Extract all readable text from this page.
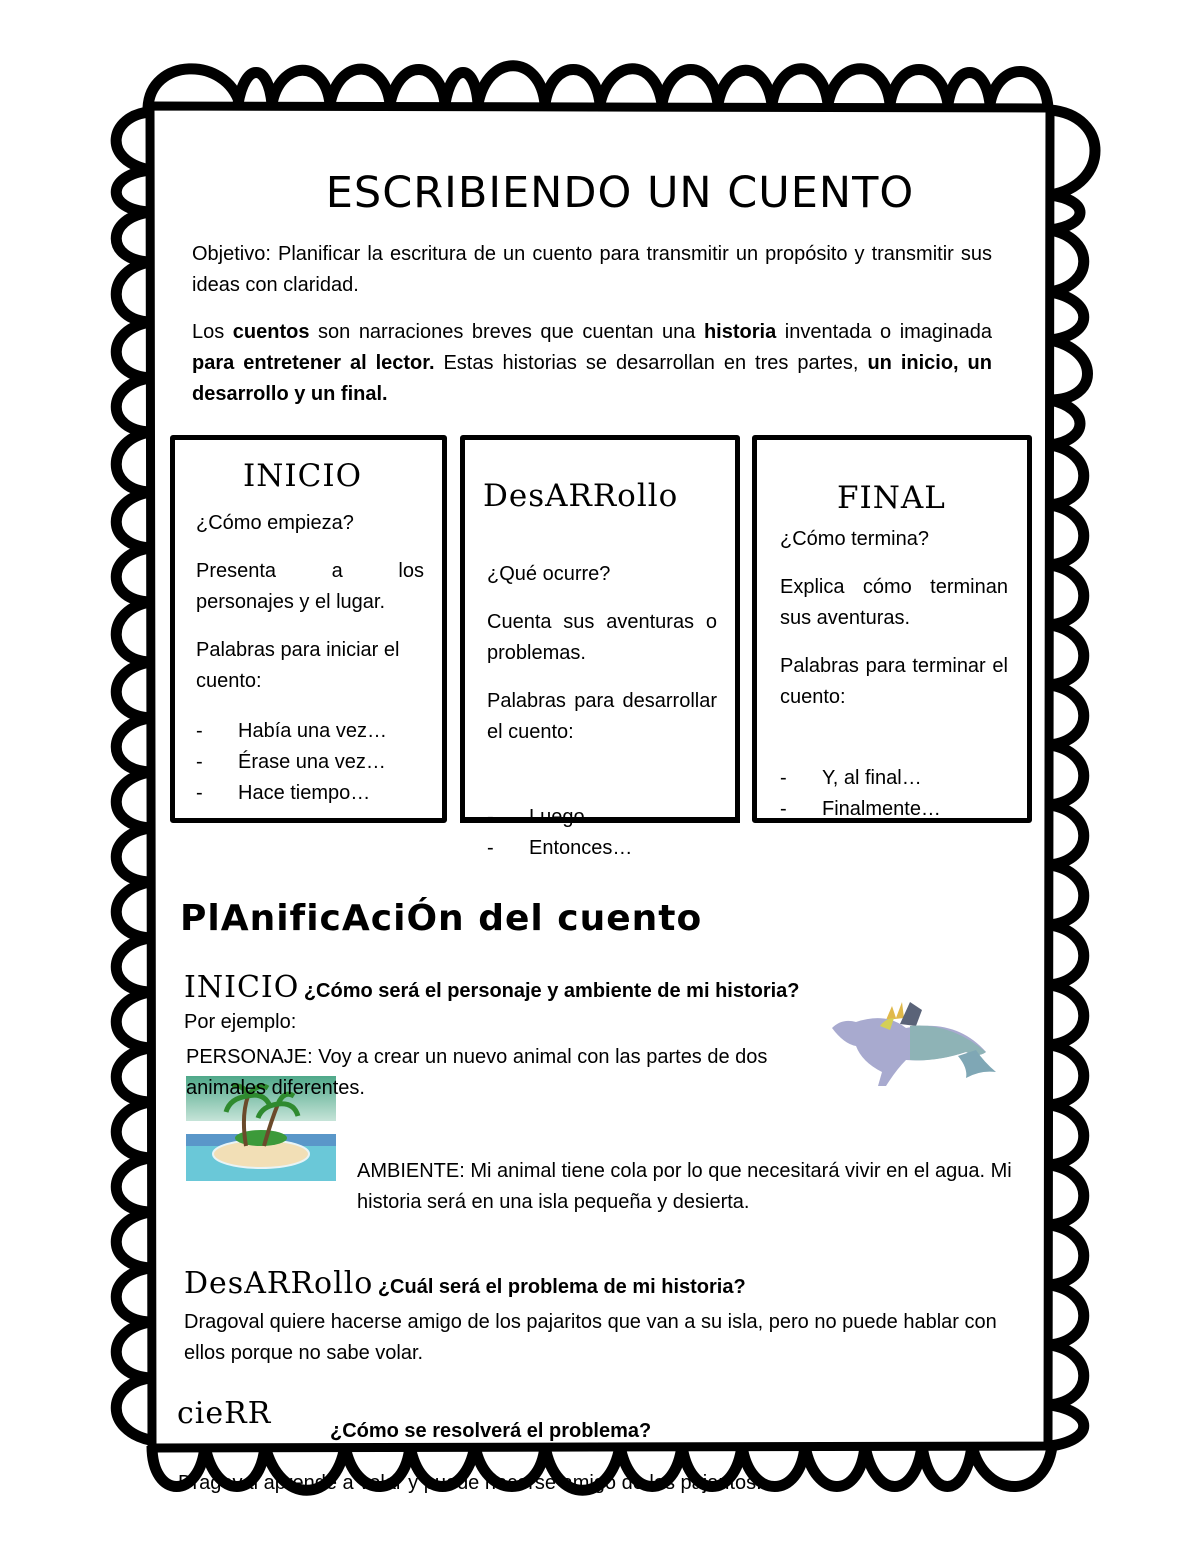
ESCRIBIENDO UN CUENTO
Objetivo: Planificar la escritura de un cuento para transmitir un propósito y transmitir sus ideas con claridad.
Los cuentos son narraciones breves que cuentan una historia inventada o imaginada para entretener al lector. Estas historias se desarrollan en tres partes, un inicio, un desarrollo y un final.
INICIO

¿Cómo empieza?

Presenta a los personajes y el lugar.

Palabras para iniciar el cuento:

-	Había una vez…
-	Érase una vez…
-	Hace tiempo…
DesARRollo

¿Qué ocurre?

Cuenta sus aventuras o problemas.

Palabras para desarrollar el cuento:

-	Entonces…
FINAL

¿Cómo termina?

Explica cómo terminan sus aventuras.

Palabras para terminar el cuento:

-	Y, al final…
-	Finalmente…
PlAnificAciÓn del cuento
INICIO ¿Cómo será el personaje y ambiente de mi historia?
Por ejemplo:
PERSONAJE: Voy a crear un nuevo animal con las partes de dos animales diferentes.
AMBIENTE: Mi animal tiene cola por lo que necesitará vivir en el agua. Mi historia será en una isla pequeña y desierta.
DesARRollo ¿Cuál será el problema de mi historia?
Dragoval quiere hacerse amigo de los pajaritos que van a su isla, pero no puede hablar con ellos porque no sabe volar.
cieRR	¿Cómo se resolverá el problema?
Dragoval aprende a volar y puede hacerse amigo de los pajaritos.
